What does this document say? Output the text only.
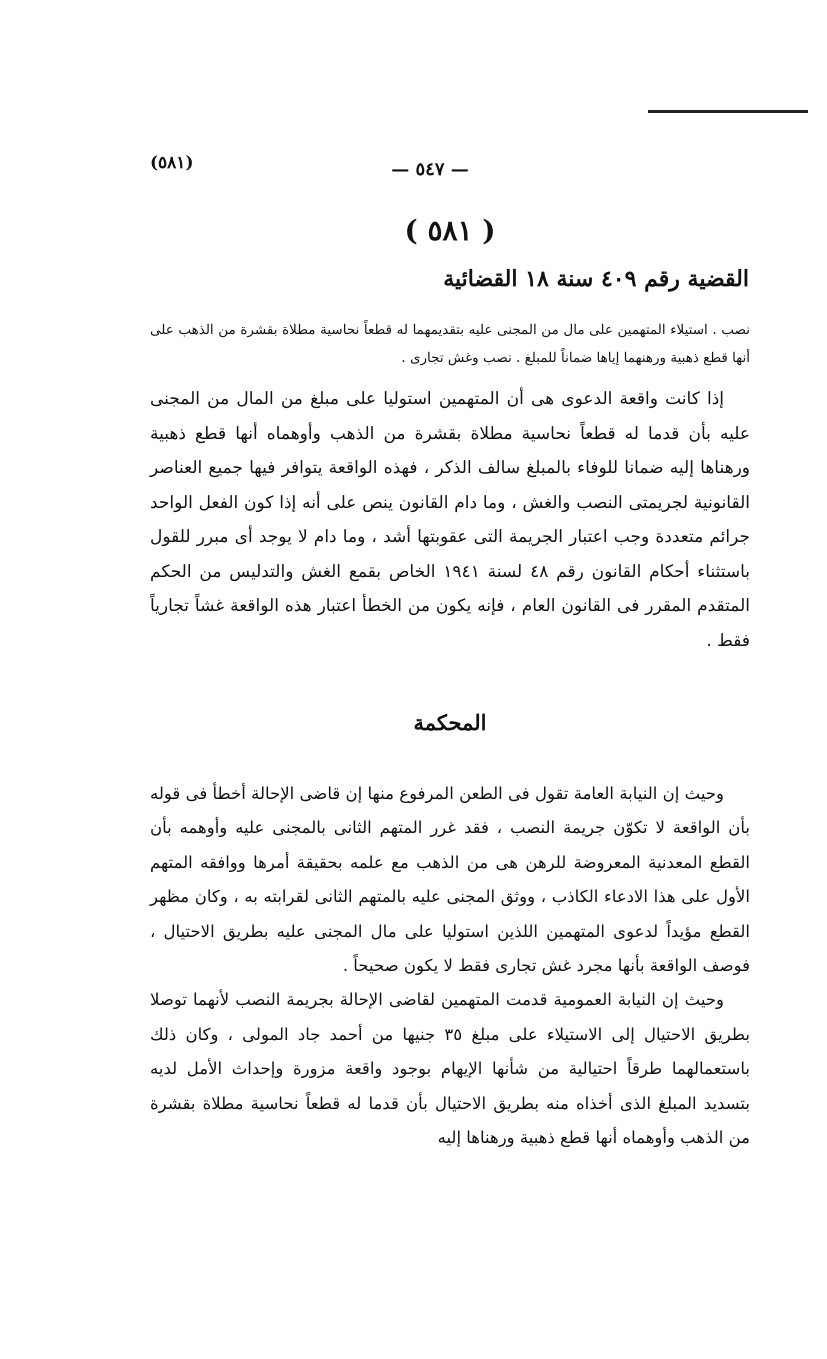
— ٥٤٧ —
(٥٨١)
( ٥٨١ )
القضية رقم ٤٠٩ سنة ١٨ القضائية
نصب . استيلاء المتهمين على مال من المجنى عليه بتقديمهما له قطعاً نحاسية مطلاة بقشرة من الذهب على أنها قطع ذهبية ورهنهما إياها ضماناً للمبلغ . نصب وغش تجارى .

إذا كانت واقعة الدعوى هى أن المتهمين استوليا على مبلغ من المال من المجنى عليه بأن قدما له قطعاً نحاسية مطلاة بقشرة من الذهب وأوهماه أنها قطع ذهبية ورهناها إليه ضمانا للوفاء بالمبلغ سالف الذكر ، فهذه الواقعة يتوافر فيها جميع العناصر القانونية لجريمتى النصب والغش ، وما دام القانون ينص على أنه إذا كون الفعل الواحد جرائم متعددة وجب اعتبار الجريمة التى عقوبتها أشد ، وما دام لا يوجد أى مبرر للقول باستثناء أحكام القانون رقم ٤٨ لسنة ١٩٤١ الخاص بقمع الغش والتدليس من الحكم المتقدم المقرر فى القانون العام ، فإنه يكون من الخطأ اعتبار هذه الواقعة غشاً تجارياً فقط .

المحكمة

وحيث إن النيابة العامة تقول فى الطعن المرفوع منها إن قاضى الإحالة أخطأ فى قوله بأن الواقعة لا تكوّن جريمة النصب ، فقد غرر المتهم الثانى بالمجنى عليه وأوهمه بأن القطع المعدنية المعروضة للرهن هى من الذهب مع علمه بحقيقة أمرها ووافقه المتهم الأول على هذا الادعاء الكاذب ، ووثق المجنى عليه بالمتهم الثانى لقرابته به ، وكان مظهر القطع مؤيداً لدعوى المتهمين اللذين استوليا على مال المجنى عليه بطريق الاحتيال ، فوصف الواقعة بأنها مجرد غش تجارى فقط لا يكون صحيحاً .

وحيث إن النيابة العمومية قدمت المتهمين لقاضى الإحالة بجريمة النصب لأنهما توصلا بطريق الاحتيال إلى الاستيلاء على مبلغ ٣٥ جنيها من أحمد جاد المولى ، وكان ذلك باستعمالهما طرقاً احتيالية من شأنها الإيهام بوجود واقعة مزورة وإحداث الأمل لديه بتسديد المبلغ الذى أخذاه منه بطريق الاحتيال بأن قدما له قطعاً نحاسية مطلاة بقشرة من الذهب وأوهماه أنها قطع ذهبية ورهناها إليه
